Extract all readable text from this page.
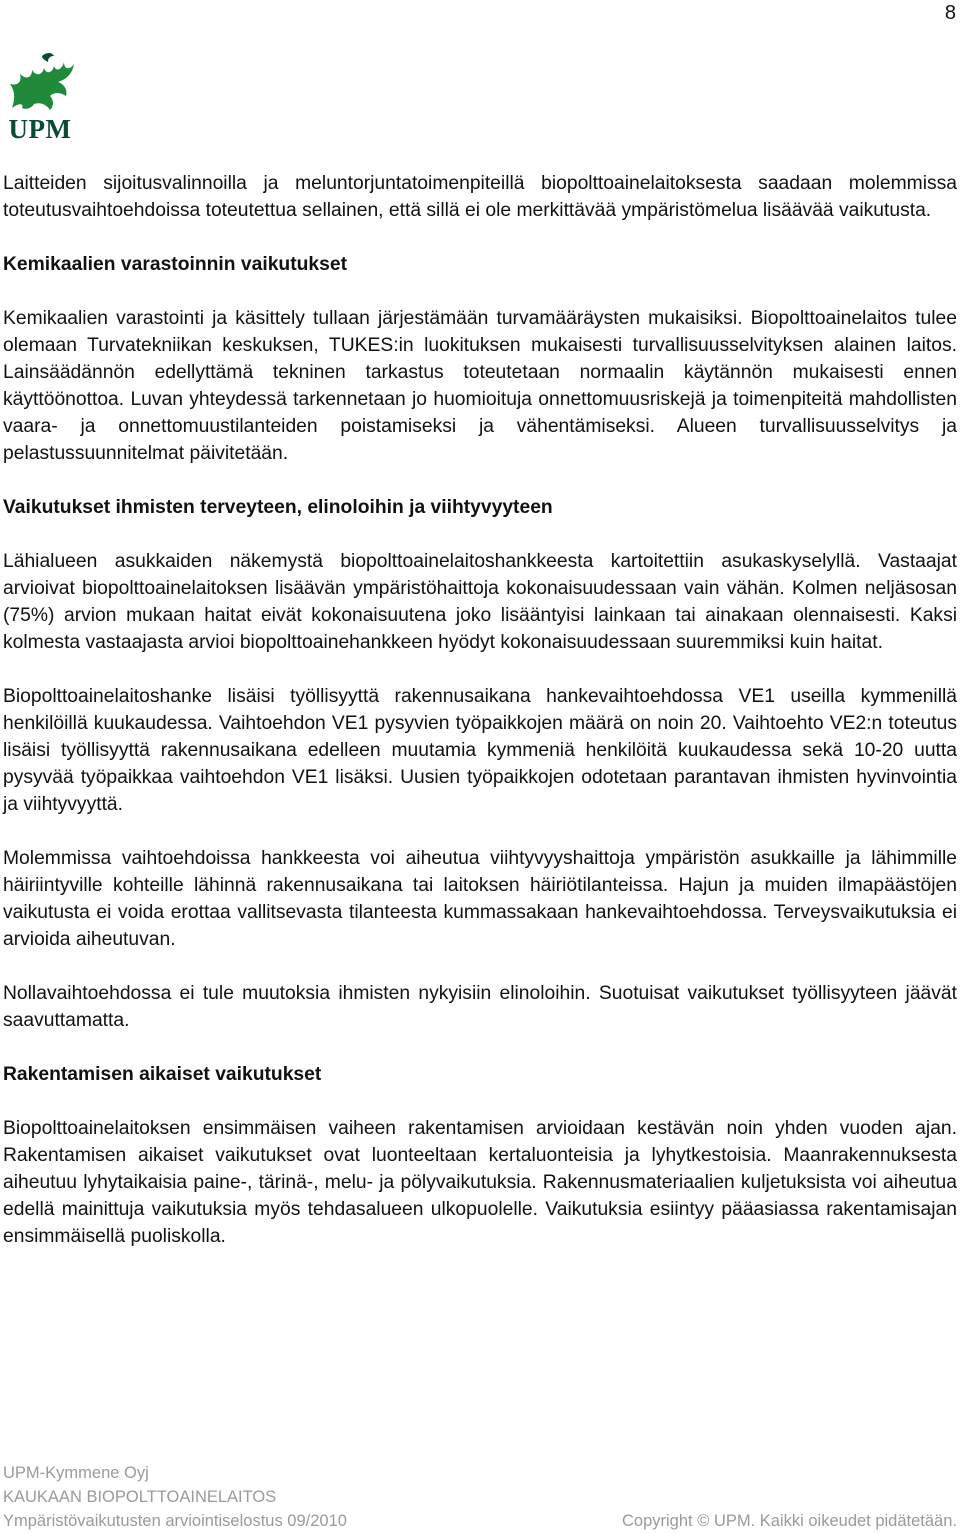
8
UPM

Laitteiden sijoitusvalinnoilla ja meluntorjuntatoimenpiteillä biopolttoainelaitoksesta saadaan molemmissa toteutusvaihtoehdoissa toteutettua sellainen, että sillä ei ole merkittävää ympäristömelua lisäävää vaikutusta.

Kemikaalien varastoinnin vaikutukset

Kemikaalien varastointi ja käsittely tullaan järjestämään turvamääräysten mukaisiksi. Biopolttoainelaitos tulee olemaan Turvatekniikan keskuksen, TUKES:in luokituksen mukaisesti turvallisuusselvityksen alainen laitos. Lainsäädännön edellyttämä tekninen tarkastus toteutetaan normaalin käytännön mukaisesti ennen käyttöönottoa. Luvan yhteydessä tarkennetaan jo huomioituja onnettomuusriskejä ja toimenpiteitä mahdollisten vaara- ja onnettomuustilanteiden poistamiseksi ja vähentämiseksi. Alueen turvallisuusselvitys ja pelastussuunnitelmat päivitetään.

Vaikutukset ihmisten terveyteen, elinoloihin ja viihtyvyyteen

Lähialueen asukkaiden näkemystä biopolttoainelaitoshankkeesta kartoitettiin asukaskyselyllä. Vastaajat arvioivat biopolttoainelaitoksen lisäävän ympäristöhaittoja kokonaisuudessaan vain vähän. Kolmen neljäsosan (75%) arvion mukaan haitat eivät kokonaisuutena joko lisääntyisi lainkaan tai ainakaan olennaisesti. Kaksi kolmesta vastaajasta arvioi biopolttoainehankkeen hyödyt kokonaisuudessaan suuremmiksi kuin haitat.

Biopolttoainelaitoshanke lisäisi työllisyyttä rakennusaikana hankevaihtoehdossa VE1 useilla kymmenillä henkilöillä kuukaudessa. Vaihtoehdon VE1 pysyvien työpaikkojen määrä on noin 20. Vaihtoehto VE2:n toteutus lisäisi työllisyyttä rakennusaikana edelleen muutamia kymmeniä henkilöitä kuukaudessa sekä 10-20 uutta pysyvää työpaikkaa vaihtoehdon VE1 lisäksi. Uusien työpaikkojen odotetaan parantavan ihmisten hyvinvointia ja viihtyvyyttä.

Molemmissa vaihtoehdoissa hankkeesta voi aiheutua viihtyvyyshaittoja ympäristön asukkaille ja lähimmille häiriintyville kohteille lähinnä rakennusaikana tai laitoksen häiriötilanteissa. Hajun ja muiden ilmapäästöjen vaikutusta ei voida erottaa vallitsevasta tilanteesta kummassakaan hankevaihtoehdossa. Terveysvaikutuksia ei arvioida aiheutuvan.

Nollavaihtoehdossa ei tule muutoksia ihmisten nykyisiin elinoloihin. Suotuisat vaikutukset työllisyyteen jäävät saavuttamatta.

Rakentamisen aikaiset vaikutukset

Biopolttoainelaitoksen ensimmäisen vaiheen rakentamisen arvioidaan kestävän noin yhden vuoden ajan. Rakentamisen aikaiset vaikutukset ovat luonteeltaan kertaluonteisia ja lyhytkestoisia. Maanrakennuksesta aiheutuu lyhytaikaisia paine-, tärinä-, melu- ja pölyvaikutuksia. Rakennusmateriaalien kuljetuksista voi aiheutua edellä mainittuja vaikutuksia myös tehdasalueen ulkopuolelle. Vaikutuksia esiintyy pääasiassa rakentamisajan ensimmäisellä puoliskolla.

UPM-Kymmene Oyj
KAUKAAN BIOPOLTTOAINELAITOS
Ympäristövaikutusten arviointiselostus 09/2010	Copyright © UPM. Kaikki oikeudet pidätetään.
